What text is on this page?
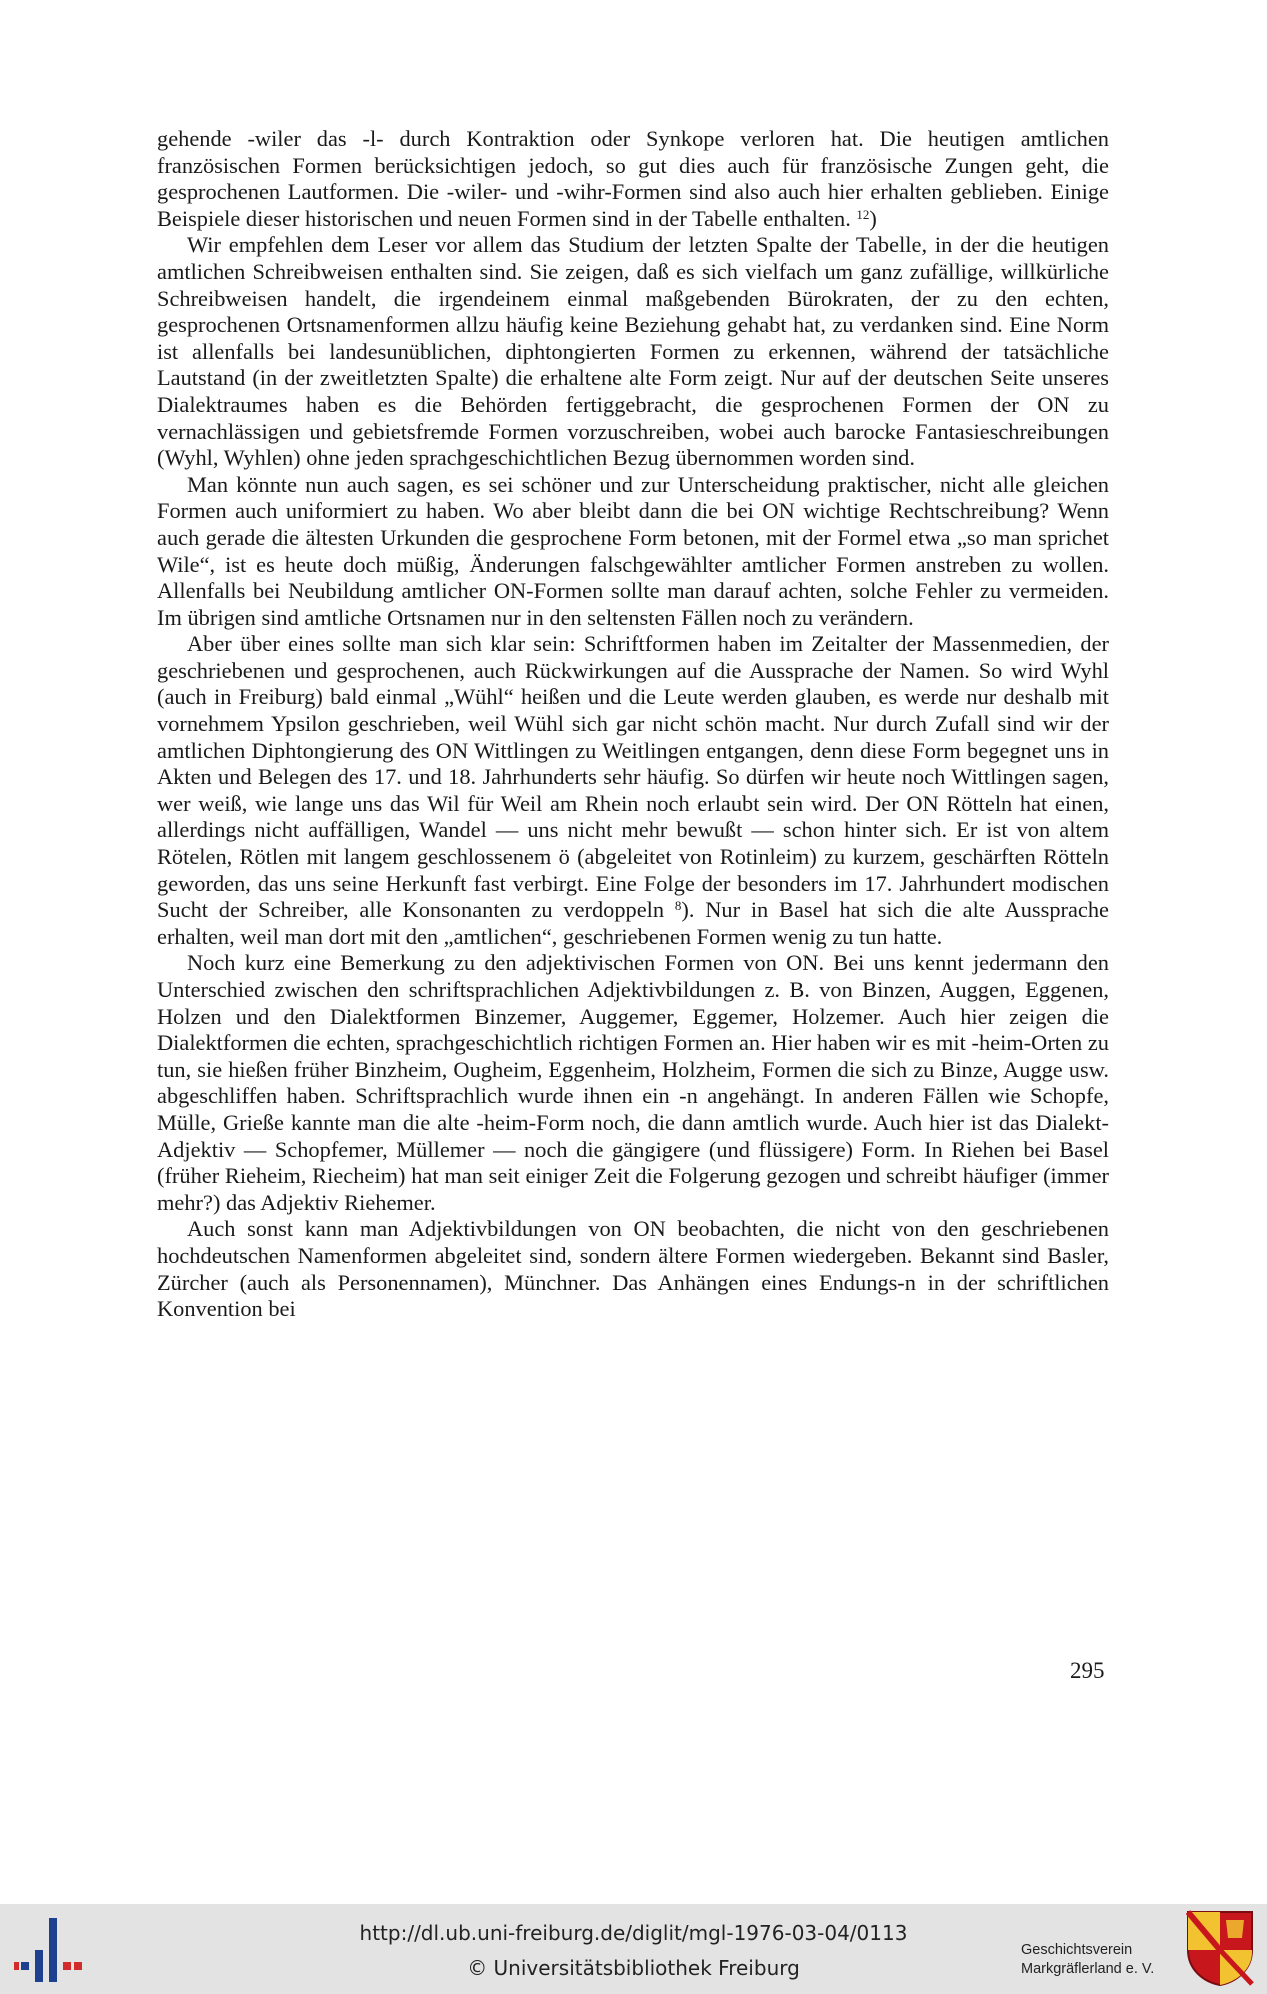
gehende -wiler das -l- durch Kontraktion oder Synkope verloren hat. Die heutigen amtlichen französischen Formen berücksichtigen jedoch, so gut dies auch für französische Zungen geht, die gesprochenen Lautformen. Die -wiler- und -wihr-Formen sind also auch hier erhalten geblieben. Einige Beispiele dieser historischen und neuen Formen sind in der Tabelle enthalten. $^{12}$)

Wir empfehlen dem Leser vor allem das Studium der letzten Spalte der Tabelle, in der die heutigen amtlichen Schreibweisen enthalten sind. Sie zeigen, daß es sich vielfach um ganz zufällige, willkürliche Schreibweisen handelt, die irgendeinem einmal maßgebenden Bürokraten, der zu den echten, gesprochenen Ortsnamenformen allzu häufig keine Beziehung gehabt hat, zu verdanken sind. Eine Norm ist allenfalls bei landesunüblichen, diphtongierten Formen zu erkennen, während der tatsächliche Lautstand (in der zweitletzten Spalte) die erhaltene alte Form zeigt. Nur auf der deutschen Seite unseres Dialektraumes haben es die Behörden fertiggebracht, die gesprochenen Formen der ON zu vernachlässigen und gebietsfremde Formen vorzuschreiben, wobei auch barocke Fantasieschreibungen (Wyhl, Wyhlen) ohne jeden sprachgeschichtlichen Bezug übernommen worden sind.

Man könnte nun auch sagen, es sei schöner und zur Unterscheidung praktischer, nicht alle gleichen Formen auch uniformiert zu haben. Wo aber bleibt dann die bei ON wichtige Rechtschreibung? Wenn auch gerade die ältesten Urkunden die gesprochene Form betonen, mit der Formel etwa „so man sprichet Wile“, ist es heute doch müßig, Änderungen falschgewählter amtlicher Formen anstreben zu wollen. Allenfalls bei Neubildung amtlicher ON-Formen sollte man darauf achten, solche Fehler zu vermeiden. Im übrigen sind amtliche Ortsnamen nur in den seltensten Fällen noch zu verändern.

Aber über eines sollte man sich klar sein: Schriftformen haben im Zeitalter der Massenmedien, der geschriebenen und gesprochenen, auch Rückwirkungen auf die Aussprache der Namen. So wird Wyhl (auch in Freiburg) bald einmal „Wühl“ heißen und die Leute werden glauben, es werde nur deshalb mit vornehmem Ypsilon geschrieben, weil Wühl sich gar nicht schön macht. Nur durch Zufall sind wir der amtlichen Diphtongierung des ON Wittlingen zu Weitlingen entgangen, denn diese Form begegnet uns in Akten und Belegen des 17. und 18. Jahrhunderts sehr häufig. So dürfen wir heute noch Wittlingen sagen, wer weiß, wie lange uns das Wil für Weil am Rhein noch erlaubt sein wird. Der ON Rötteln hat einen, allerdings nicht auffälligen, Wandel — uns nicht mehr bewußt — schon hinter sich. Er ist von altem Rötelen, Rötlen mit langem geschlossenem ö (abgeleitet von Rotinleim) zu kurzem, geschärften Rötteln geworden, das uns seine Herkunft fast verbirgt. Eine Folge der besonders im 17. Jahrhundert modischen Sucht der Schreiber, alle Konsonanten zu verdoppeln $^8$). Nur in Basel hat sich die alte Aussprache erhalten, weil man dort mit den „amtlichen“, geschriebenen Formen wenig zu tun hatte.

Noch kurz eine Bemerkung zu den adjektivischen Formen von ON. Bei uns kennt jedermann den Unterschied zwischen den schriftsprachlichen Adjektivbildungen z. B. von Binzen, Auggen, Eggenen, Holzen und den Dialektformen Binzemer, Auggemer, Eggemer, Holzemer. Auch hier zeigen die Dialektformen die echten, sprachgeschichtlich richtigen Formen an. Hier haben wir es mit -heim-Orten zu tun, sie hießen früher Binzheim, Ougheim, Eggenheim, Holzheim, Formen die sich zu Binze, Augge usw. abgeschliffen haben. Schriftsprachlich wurde ihnen ein -n angehängt. In anderen Fällen wie Schopfe, Mülle, Grieße kannte man die alte -heim-Form noch, die dann amtlich wurde. Auch hier ist das Dialekt-Adjektiv — Schopfemer, Müllemer — noch die gängigere (und flüssigere) Form. In Riehen bei Basel (früher Rieheim, Riecheim) hat man seit einiger Zeit die Folgerung gezogen und schreibt häufiger (immer mehr?) das Adjektiv Riehemer.

Auch sonst kann man Adjektivbildungen von ON beobachten, die nicht von den geschriebenen hochdeutschen Namenformen abgeleitet sind, sondern ältere Formen wiedergeben. Bekannt sind Basler, Zürcher (auch als Personennamen), Münchner. Das Anhängen eines Endungs-n in der schriftlichen Konvention bei

295
http://dl.ub.uni-freiburg.de/diglit/mgl-1976-03-04/0113
© Universitätsbibliothek Freiburg
Geschichtsverein
Markgräflerland e. V.
